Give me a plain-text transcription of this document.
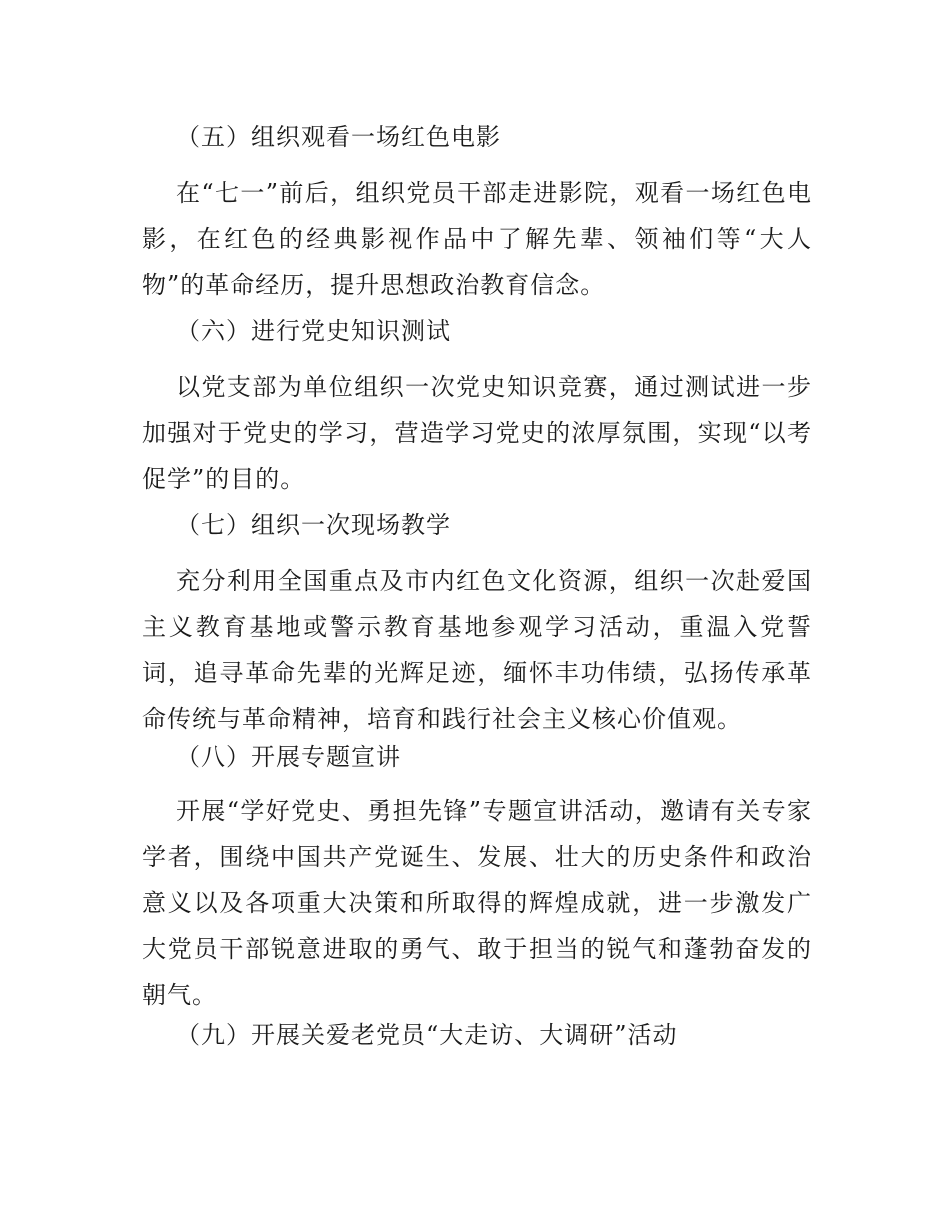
（五）组织观看一场红色电影
在“七一”前后，组织党员干部走进影院，观看一场红色电影，在红色的经典影视作品中了解先辈、领袖们等“大人物”的革命经历，提升思想政治教育信念。
（六）进行党史知识测试
以党支部为单位组织一次党史知识竞赛，通过测试进一步加强对于党史的学习，营造学习党史的浓厚氛围，实现“以考促学”的目的。
（七）组织一次现场教学
充分利用全国重点及市内红色文化资源，组织一次赴爱国主义教育基地或警示教育基地参观学习活动，重温入党誓词，追寻革命先辈的光辉足迹，缅怀丰功伟绩，弘扬传承革命传统与革命精神，培育和践行社会主义核心价值观。
（八）开展专题宣讲
开展“学好党史、勇担先锋”专题宣讲活动，邀请有关专家学者，围绕中国共产党诞生、发展、壮大的历史条件和政治意义以及各项重大决策和所取得的辉煌成就，进一步激发广大党员干部锐意进取的勇气、敢于担当的锐气和蓬勃奋发的朝气。
（九）开展关爱老党员“大走访、大调研”活动
